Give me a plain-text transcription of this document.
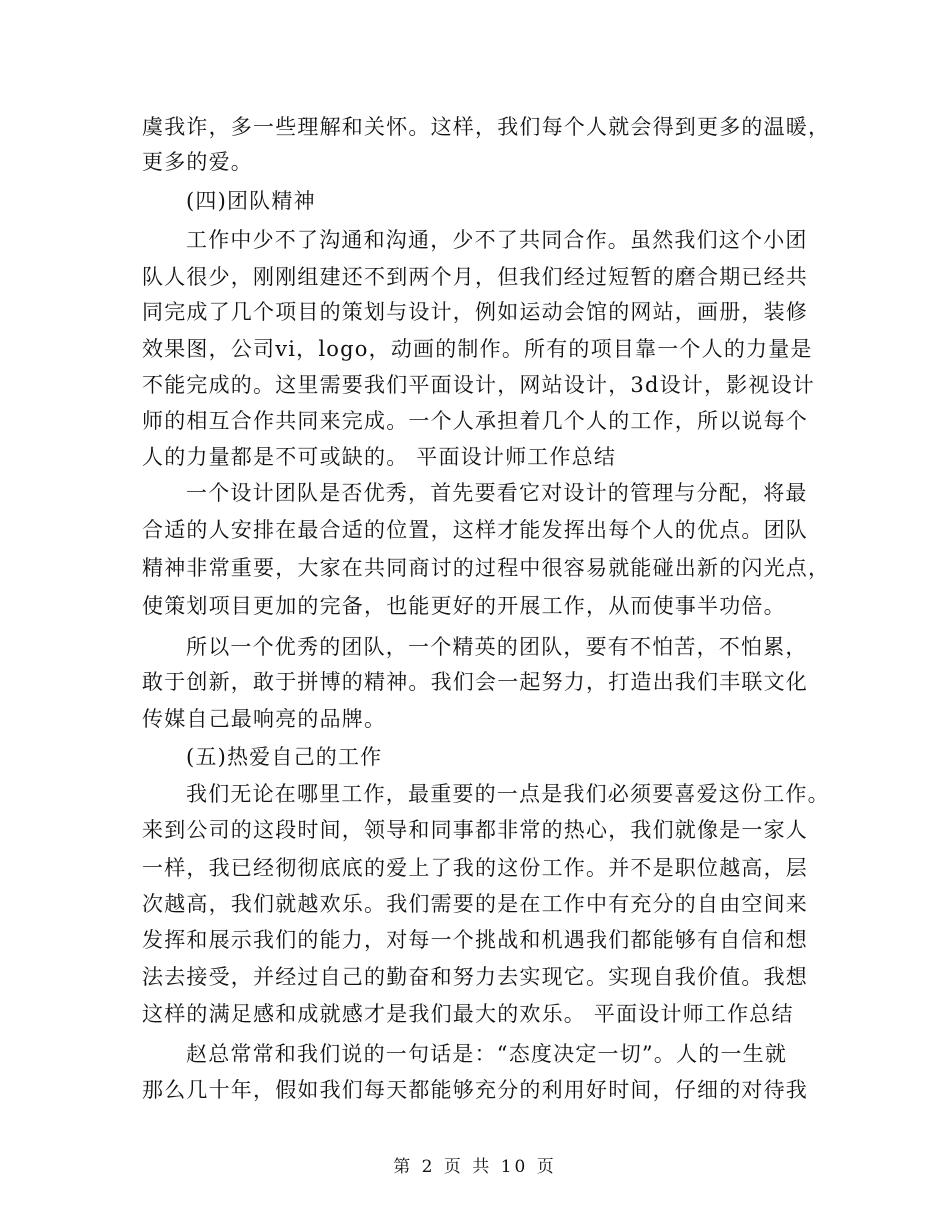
虞我诈，多一些理解和关怀。这样，我们每个人就会得到更多的温暖，
更多的爱。
(四)团队精神
工作中少不了沟通和沟通，少不了共同合作。虽然我们这个小团
队人很少，刚刚组建还不到两个月，但我们经过短暂的磨合期已经共
同完成了几个项目的策划与设计，例如运动会馆的网站，画册，装修
效果图，公司vi，logo，动画的制作。所有的项目靠一个人的力量是
不能完成的。这里需要我们平面设计，网站设计，3d设计，影视设计
师的相互合作共同来完成。一个人承担着几个人的工作，所以说每个
人的力量都是不可或缺的。 平面设计师工作总结
一个设计团队是否优秀，首先要看它对设计的管理与分配，将最
合适的人安排在最合适的位置，这样才能发挥出每个人的优点。团队
精神非常重要，大家在共同商讨的过程中很容易就能碰出新的闪光点，
使策划项目更加的完备，也能更好的开展工作，从而使事半功倍。
所以一个优秀的团队，一个精英的团队，要有不怕苦，不怕累，
敢于创新，敢于拼博的精神。我们会一起努力，打造出我们丰联文化
传媒自己最响亮的品牌。
(五)热爱自己的工作
我们无论在哪里工作，最重要的一点是我们必须要喜爱这份工作。
来到公司的这段时间，领导和同事都非常的热心，我们就像是一家人
一样，我已经彻彻底底的爱上了我的这份工作。并不是职位越高，层
次越高，我们就越欢乐。我们需要的是在工作中有充分的自由空间来
发挥和展示我们的能力，对每一个挑战和机遇我们都能够有自信和想
法去接受，并经过自己的勤奋和努力去实现它。实现自我价值。我想
这样的满足感和成就感才是我们最大的欢乐。 平面设计师工作总结
赵总常常和我们说的一句话是：“态度决定一切”。人的一生就
那么几十年，假如我们每天都能够充分的利用好时间，仔细的对待我
第 2 页 共 10 页
